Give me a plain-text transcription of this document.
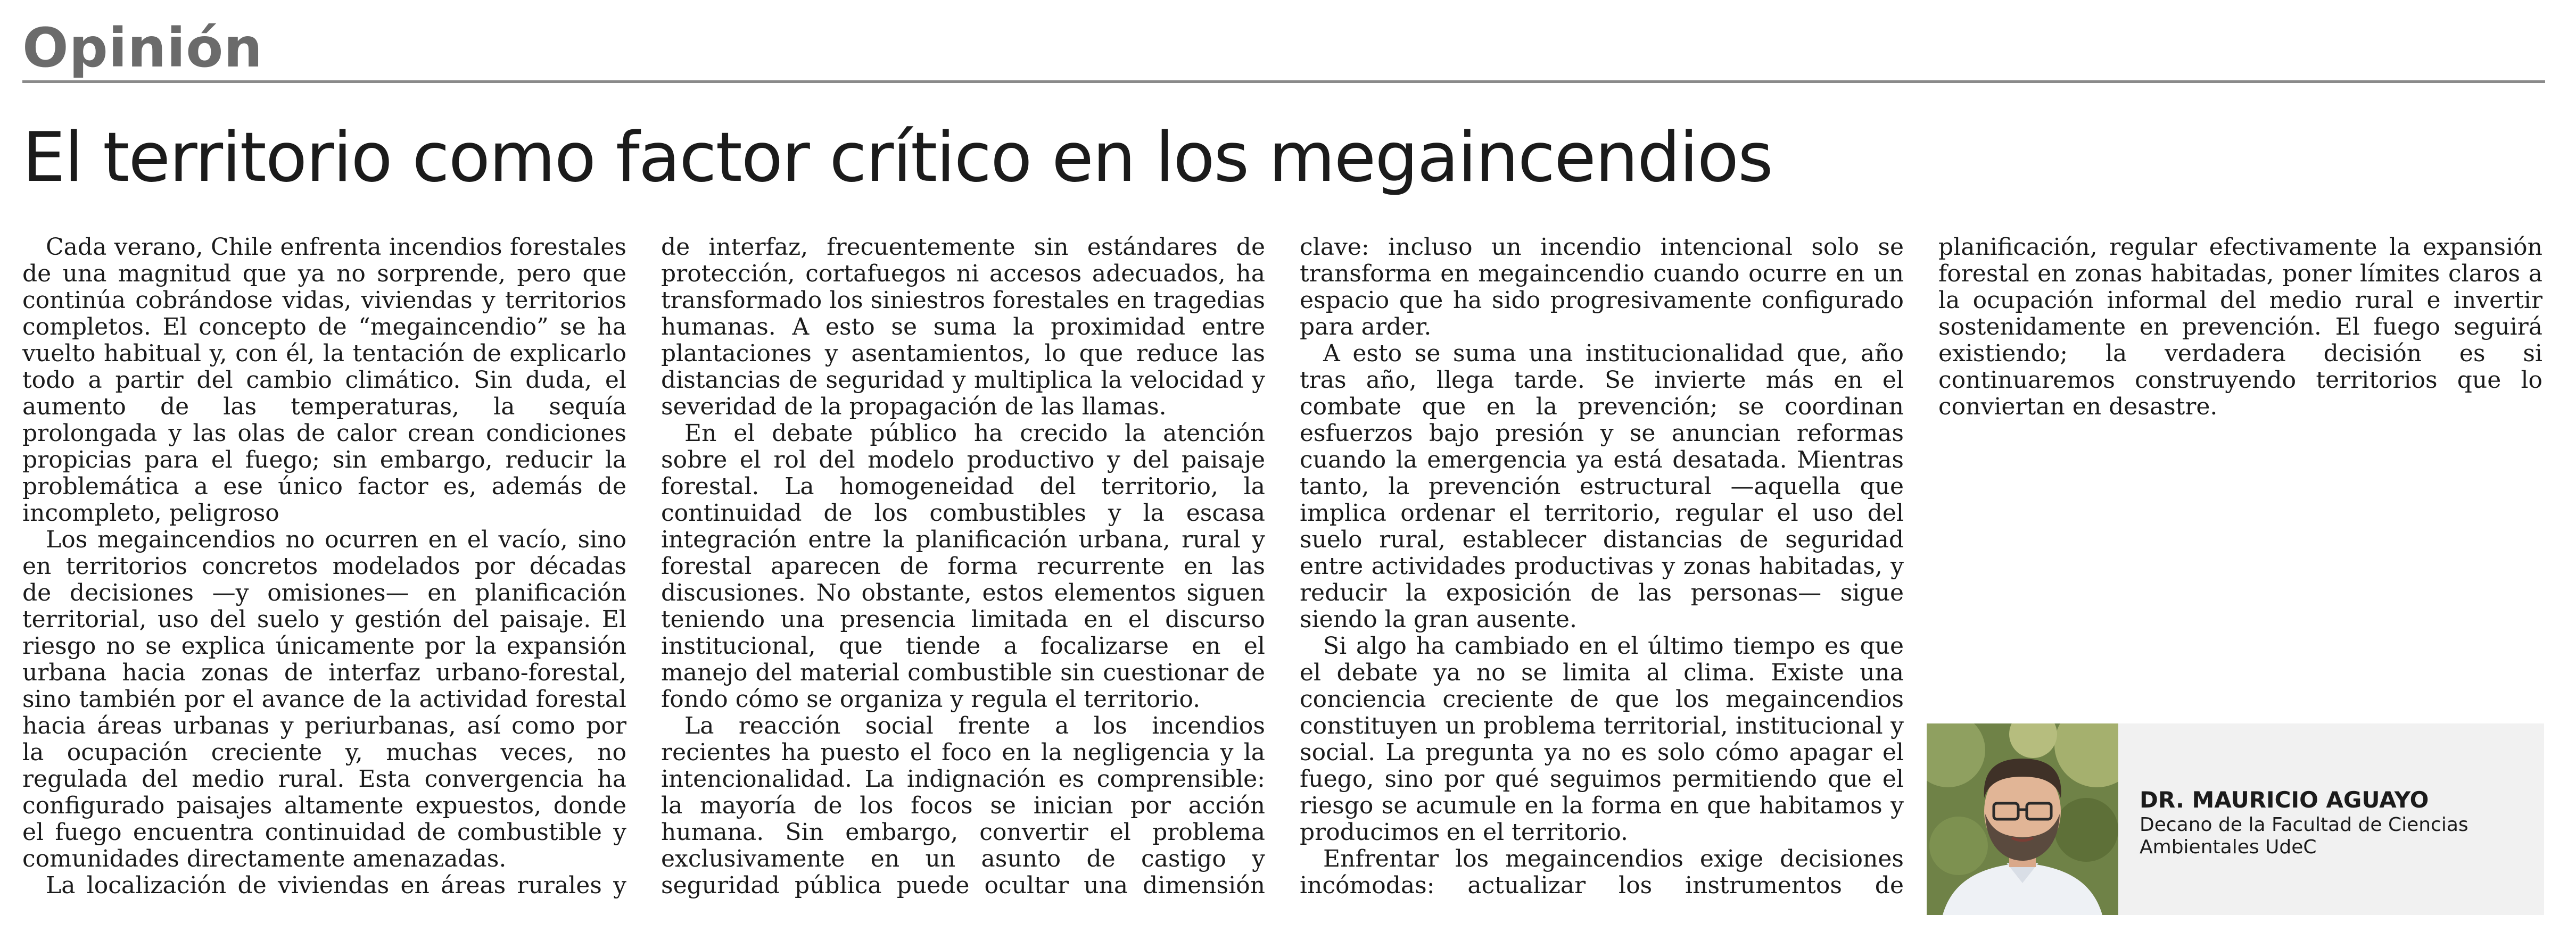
Opinión
El territorio como factor crítico en los megaincendios

Cada verano, Chile enfrenta incendios forestales de una magnitud que ya no sorprende, pero que continúa cobrándose vidas, viviendas y territorios completos. El concepto de “megaincendio” se ha vuelto habitual y, con él, la tentación de explicarlo todo a partir del cambio climático. Sin duda, el aumento de las temperaturas, la sequía prolongada y las olas de calor crean condiciones propicias para el fuego; sin embargo, reducir la problemática a ese único factor es, además de incompleto, peligroso

Los megaincendios no ocurren en el vacío, sino en territorios concretos modelados por décadas de decisiones —y omisiones— en planificación territorial, uso del suelo y gestión del paisaje. El riesgo no se explica únicamente por la expansión urbana hacia zonas de interfaz urbano-forestal, sino también por el avance de la actividad forestal hacia áreas urbanas y periurbanas, así como por la ocupación creciente y, muchas veces, no regulada del medio rural. Esta convergencia ha configurado paisajes altamente expuestos, donde el fuego encuentra continuidad de combustible y comunidades directamente amenazadas.

La localización de viviendas en áreas rurales y

de interfaz, frecuentemente sin estándares de protección, cortafuegos ni accesos adecuados, ha transformado los siniestros forestales en tragedias humanas. A esto se suma la proximidad entre plantaciones y asentamientos, lo que reduce las distancias de seguridad y multiplica la velocidad y severidad de la propagación de las llamas.

En el debate público ha crecido la atención sobre el rol del modelo productivo y del paisaje forestal. La homogeneidad del territorio, la continuidad de los combustibles y la escasa integración entre la planificación urbana, rural y forestal aparecen de forma recurrente en las discusiones. No obstante, estos elementos siguen teniendo una presencia limitada en el discurso institucional, que tiende a focalizarse en el manejo del material combustible sin cuestionar de fondo cómo se organiza y regula el territorio.

La reacción social frente a los incendios recientes ha puesto el foco en la negligencia y la intencionalidad. La indignación es comprensible: la mayoría de los focos se inician por acción humana. Sin embargo, convertir el problema exclusivamente en un asunto de castigo y seguridad pública puede ocultar una dimensión

clave: incluso un incendio intencional solo se transforma en megaincendio cuando ocurre en un espacio que ha sido progresivamente configurado para arder.

A esto se suma una institucionalidad que, año tras año, llega tarde. Se invierte más en el combate que en la prevención; se coordinan esfuerzos bajo presión y se anuncian reformas cuando la emergencia ya está desatada. Mientras tanto, la prevención estructural —aquella que implica ordenar el territorio, regular el uso del suelo rural, establecer distancias de seguridad entre actividades productivas y zonas habitadas, y reducir la exposición de las personas— sigue siendo la gran ausente.

Si algo ha cambiado en el último tiempo es que el debate ya no se limita al clima. Existe una conciencia creciente de que los megaincendios constituyen un problema territorial, institucional y social. La pregunta ya no es solo cómo apagar el fuego, sino por qué seguimos permitiendo que el riesgo se acumule en la forma en que habitamos y producimos en el territorio.

Enfrentar los megaincendios exige decisiones incómodas: actualizar los instrumentos de

planificación, regular efectivamente la expansión forestal en zonas habitadas, poner límites claros a la ocupación informal del medio rural e invertir sostenidamente en prevención. El fuego seguirá existiendo; la verdadera decisión es si continuaremos construyendo territorios que lo conviertan en desastre.

DR. MAURICIO AGUAYO
Decano de la Facultad de Ciencias Ambientales UdeC
